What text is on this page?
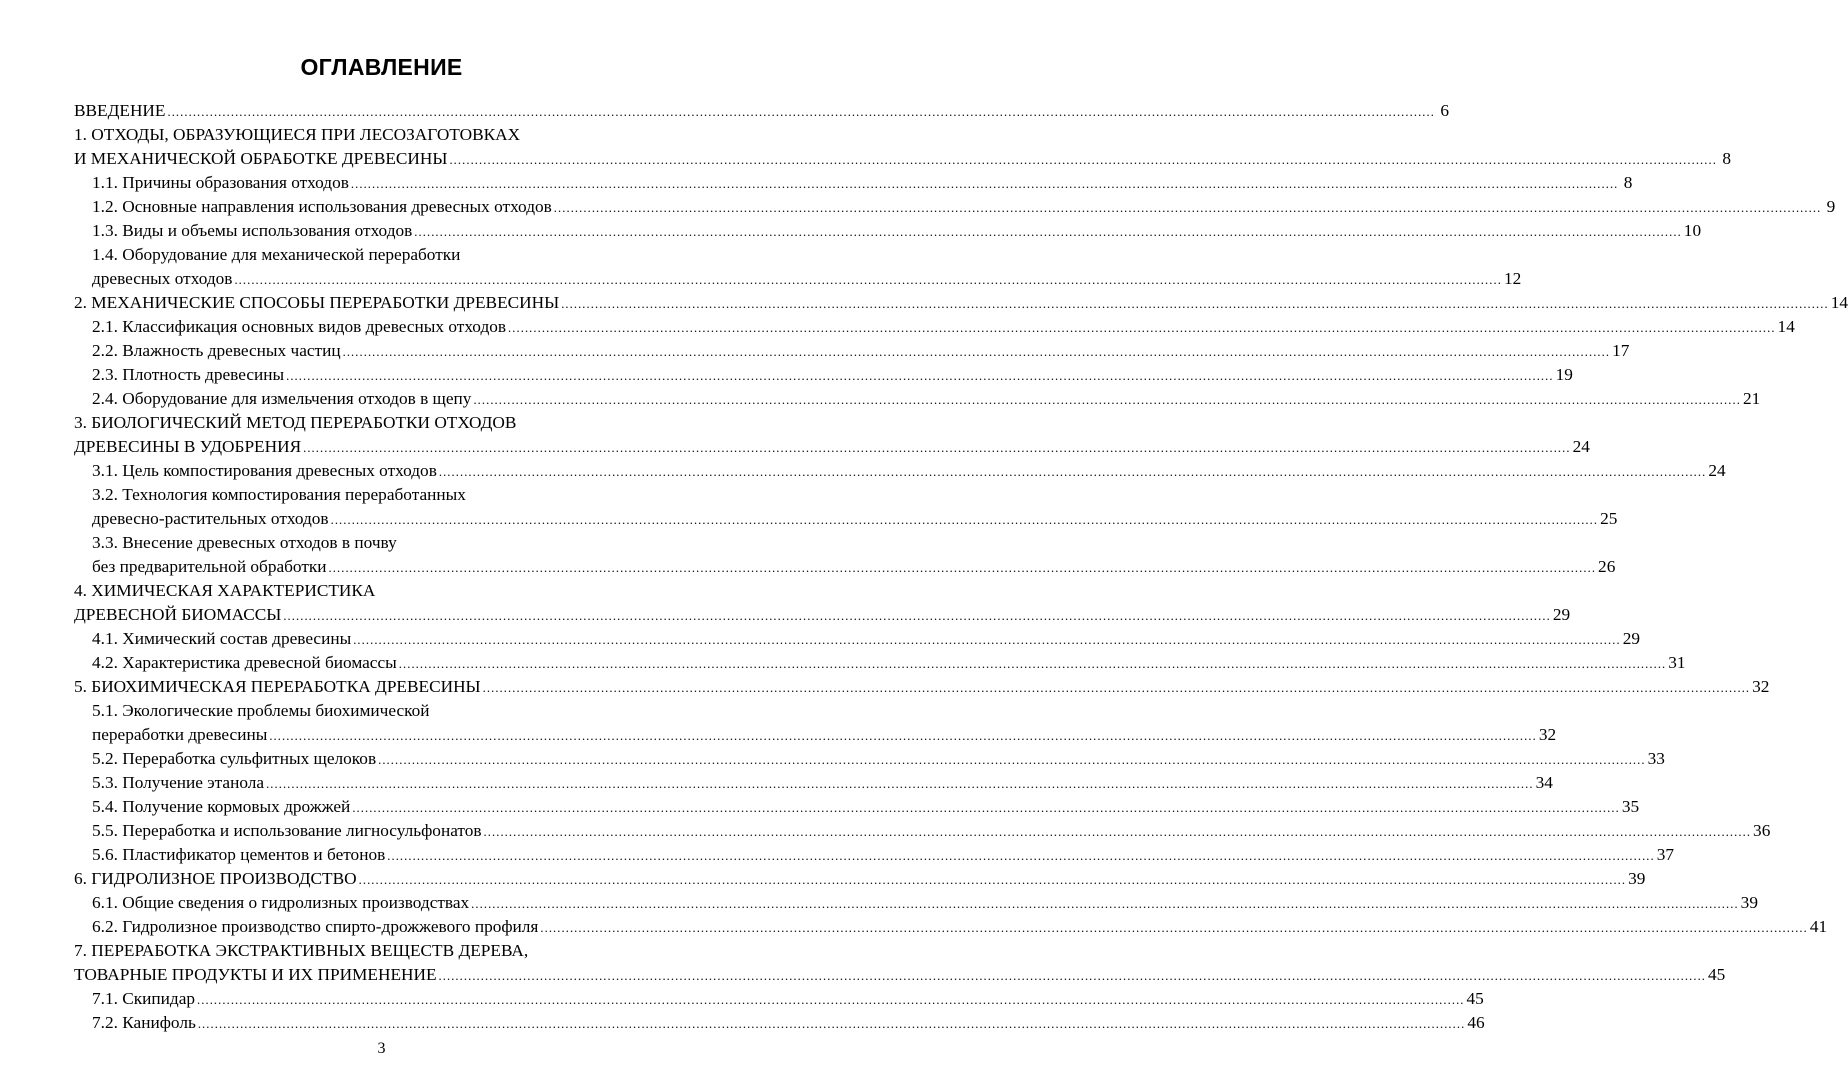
ОГЛАВЛЕНИЕ
ВВЕДЕНИЕ ............................................................................................................................................................................................................................................................................................................ 6
1. ОТХОДЫ, ОБРАЗУЮЩИЕСЯ ПРИ ЛЕСОЗАГОТОВКАХ
И МЕХАНИЧЕСКОЙ ОБРАБОТКЕ ДРЕВЕСИНЫ ............................................................................................................................................................................................................................................................................................................ 8
1.1. Причины образования отходов ............................................................................................................................................................................................................................................................................................................ 8
1.2. Основные направления использования древесных отходов ............................................................................................................................................................................................................................................................................................................ 9
1.3. Виды и объемы использования отходов ............................................................................................................................................................................................................................................................................................................ 10
1.4. Оборудование для механической переработки
древесных отходов ............................................................................................................................................................................................................................................................................................................ 12
2. МЕХАНИЧЕСКИЕ СПОСОБЫ ПЕРЕРАБОТКИ ДРЕВЕСИНЫ ............................................................................................................................................................................................................................................................................................................ 14
2.1. Классификация основных видов древесных отходов ............................................................................................................................................................................................................................................................................................................ 14
2.2. Влажность древесных частиц ............................................................................................................................................................................................................................................................................................................ 17
2.3. Плотность древесины ............................................................................................................................................................................................................................................................................................................ 19
2.4. Оборудование для измельчения отходов в щепу ............................................................................................................................................................................................................................................................................................................ 21
3. БИОЛОГИЧЕСКИЙ МЕТОД ПЕРЕРАБОТКИ ОТХОДОВ
ДРЕВЕСИНЫ В УДОБРЕНИЯ ............................................................................................................................................................................................................................................................................................................ 24
3.1. Цель компостирования древесных отходов ............................................................................................................................................................................................................................................................................................................ 24
3.2. Технология компостирования переработанных
древесно-растительных отходов ............................................................................................................................................................................................................................................................................................................ 25
3.3. Внесение древесных отходов в почву
без предварительной обработки ............................................................................................................................................................................................................................................................................................................ 26
4. ХИМИЧЕСКАЯ ХАРАКТЕРИСТИКА
ДРЕВЕСНОЙ БИОМАССЫ ............................................................................................................................................................................................................................................................................................................ 29
4.1. Химический состав древесины ............................................................................................................................................................................................................................................................................................................ 29
4.2. Характеристика древесной биомассы ............................................................................................................................................................................................................................................................................................................ 31
5. БИОХИМИЧЕСКАЯ ПЕРЕРАБОТКА ДРЕВЕСИНЫ ............................................................................................................................................................................................................................................................................................................ 32
5.1. Экологические проблемы биохимической
переработки древесины ............................................................................................................................................................................................................................................................................................................ 32
5.2. Переработка сульфитных щелоков ............................................................................................................................................................................................................................................................................................................ 33
5.3. Получение этанола ............................................................................................................................................................................................................................................................................................................ 34
5.4. Получение кормовых дрожжей ............................................................................................................................................................................................................................................................................................................ 35
5.5. Переработка и использование лигносульфонатов ............................................................................................................................................................................................................................................................................................................ 36
5.6. Пластификатор цементов и бетонов ............................................................................................................................................................................................................................................................................................................ 37
6. ГИДРОЛИЗНОЕ ПРОИЗВОДСТВО ............................................................................................................................................................................................................................................................................................................ 39
6.1. Общие сведения о гидролизных производствах ............................................................................................................................................................................................................................................................................................................ 39
6.2. Гидролизное производство спирто-дрожжевого профиля ............................................................................................................................................................................................................................................................................................................ 41
7. ПЕРЕРАБОТКА ЭКСТРАКТИВНЫХ ВЕЩЕСТВ ДЕРЕВА,
ТОВАРНЫЕ ПРОДУКТЫ И ИХ ПРИМЕНЕНИЕ ............................................................................................................................................................................................................................................................................................................ 45
7.1. Скипидар ............................................................................................................................................................................................................................................................................................................ 45
7.2. Канифоль ............................................................................................................................................................................................................................................................................................................ 46
3
